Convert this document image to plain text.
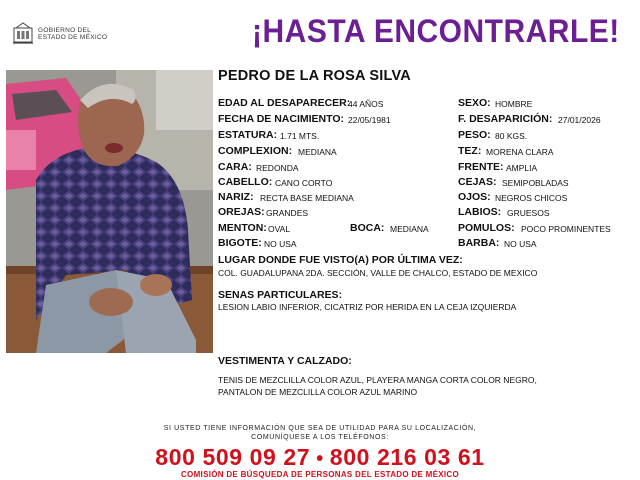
GOBIERNO DEL
ESTADO DE MÉXICO	¡HASTA ENCONTRARLE!
PEDRO DE LA ROSA SILVA
EDAD AL DESAPARECER:
44 AÑOS
FECHA DE NACIMIENTO: 22/05/1981
ESTATURA: 1.71 MTS.
COMPLEXION: MEDIANA
CARA: REDONDA
CABELLO: CANO CORTO
NARIZ: RECTA BASE MEDIANA
OREJAS: GRANDES
MENTON: OVAL	BOCA: MEDIANA
BIGOTE: NO USA
SEXO: HOMBRE
F. DESAPARICIÓN: 27/01/2026
PESO: 80 KGS.
TEZ: MORENA CLARA
FRENTE: AMPLIA
CEJAS: SEMIPOBLADAS
OJOS: NEGROS CHICOS
LABIOS: GRUESOS
POMULOS: POCO PROMINENTES
BARBA: NO USA
LUGAR DONDE FUE VISTO(A) POR ÚLTIMA VEZ:
COL. GUADALUPANA 2DA. SECCIÓN, VALLE DE CHALCO, ESTADO DE MEXICO
SENAS PARTICULARES:
LESION LABIO INFERIOR, CICATRIZ POR HERIDA EN LA CEJA IZQUIERDA
VESTIMENTA Y CALZADO:
TENIS DE MEZCLILLA COLOR AZUL, PLAYERA MANGA CORTA COLOR NEGRO,
PANTALON DE MEZCLILLA COLOR AZUL MARINO
SI USTED TIENE INFORMACIÓN QUE SEA DE UTILIDAD PARA SU LOCALIZACIÓN,
COMUNÍQUESE A LOS TELÉFONOS:
800 509 09 27 • 800 216 03 61
COMISIÓN DE BÚSQUEDA DE PERSONAS DEL ESTADO DE MÉXICO
